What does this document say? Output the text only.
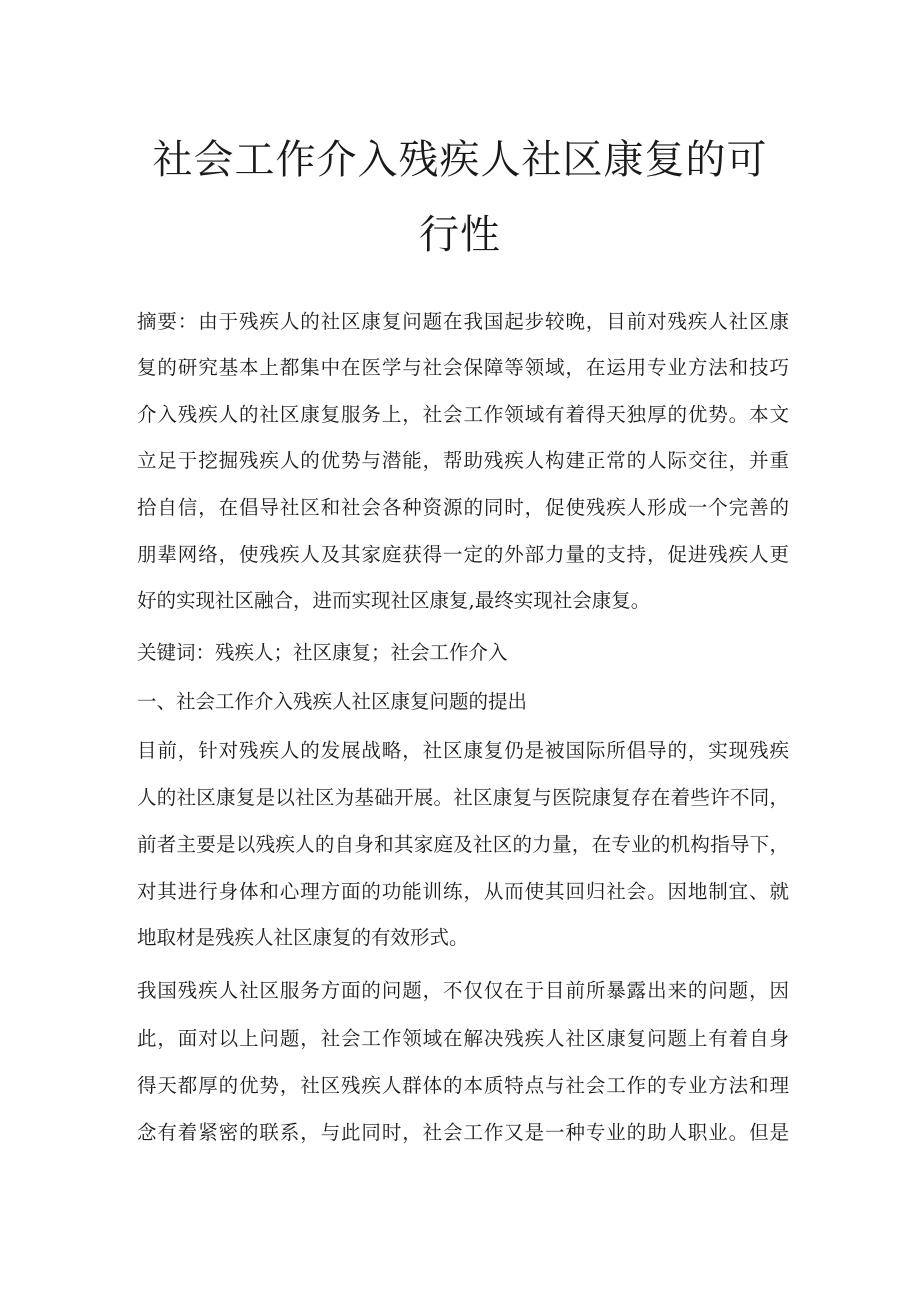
社会工作介入残疾人社区康复的可
行性
摘要：由于残疾人的社区康复问题在我国起步较晚，目前对残疾人社区康
复的研究基本上都集中在医学与社会保障等领域，在运用专业方法和技巧
介入残疾人的社区康复服务上，社会工作领域有着得天独厚的优势。本文
立足于挖掘残疾人的优势与潜能，帮助残疾人构建正常的人际交往，并重
拾自信，在倡导社区和社会各种资源的同时，促使残疾人形成一个完善的
朋辈网络，使残疾人及其家庭获得一定的外部力量的支持，促进残疾人更
好的实现社区融合，进而实现社区康复,最终实现社会康复。
关键词：残疾人；社区康复；社会工作介入
一、社会工作介入残疾人社区康复问题的提出
目前，针对残疾人的发展战略，社区康复仍是被国际所倡导的，实现残疾
人的社区康复是以社区为基础开展。社区康复与医院康复存在着些许不同，
前者主要是以残疾人的自身和其家庭及社区的力量，在专业的机构指导下，
对其进行身体和心理方面的功能训练，从而使其回归社会。因地制宜、就
地取材是残疾人社区康复的有效形式。
我国残疾人社区服务方面的问题，不仅仅在于目前所暴露出来的问题，因
此，面对以上问题，社会工作领域在解决残疾人社区康复问题上有着自身
得天都厚的优势，社区残疾人群体的本质特点与社会工作的专业方法和理
念有着紧密的联系，与此同时，社会工作又是一种专业的助人职业。但是
